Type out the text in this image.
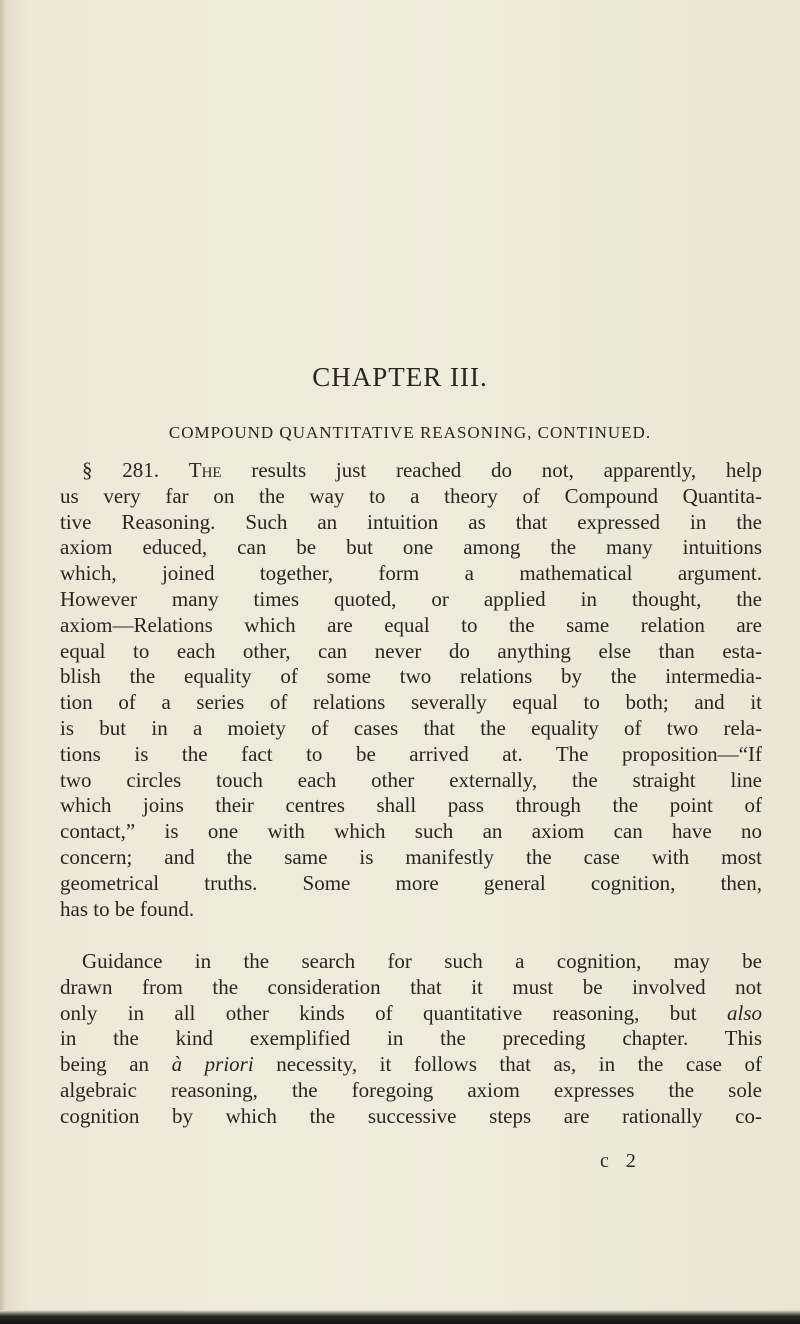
CHAPTER III.
COMPOUND QUANTITATIVE REASONING, CONTINUED.
§ 281. The results just reached do not, apparently, help
us very far on the way to a theory of Compound Quantita-
tive Reasoning. Such an intuition as that expressed in the
axiom educed, can be but one among the many intuitions
which, joined together, form a mathematical argument.
However many times quoted, or applied in thought, the
axiom—Relations which are equal to the same relation are
equal to each other, can never do anything else than esta-
blish the equality of some two relations by the intermedia-
tion of a series of relations severally equal to both; and it
is but in a moiety of cases that the equality of two rela-
tions is the fact to be arrived at. The proposition—“If
two circles touch each other externally, the straight line
which joins their centres shall pass through the point of
contact,” is one with which such an axiom can have no
concern; and the same is manifestly the case with most
geometrical truths. Some more general cognition, then,
has to be found.
Guidance in the search for such a cognition, may be
drawn from the consideration that it must be involved not
only in all other kinds of quantitative reasoning, but also
in the kind exemplified in the preceding chapter. This
being an à priori necessity, it follows that as, in the case of
algebraic reasoning, the foregoing axiom expresses the sole
cognition by which the successive steps are rationally co-
c 2
